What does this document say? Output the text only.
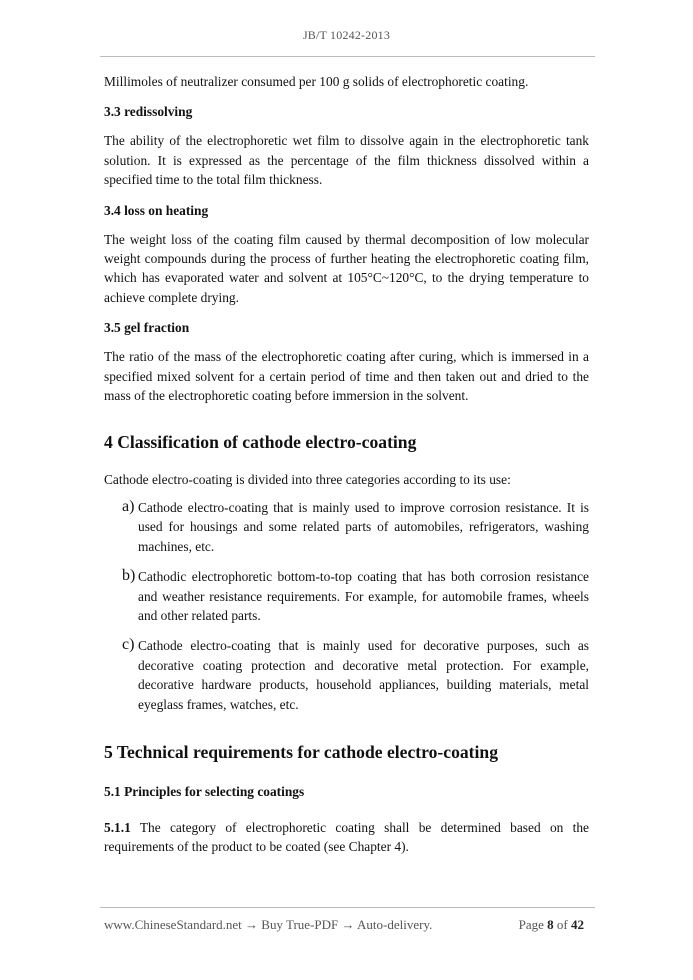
JB/T 10242-2013

Millimoles of neutralizer consumed per 100 g solids of electrophoretic coating.

3.3 redissolving

The ability of the electrophoretic wet film to dissolve again in the electrophoretic tank solution. It is expressed as the percentage of the film thickness dissolved within a specified time to the total film thickness.

3.4 loss on heating

The weight loss of the coating film caused by thermal decomposition of low molecular weight compounds during the process of further heating the electrophoretic coating film, which has evaporated water and solvent at 105°C~120°C, to the drying temperature to achieve complete drying.

3.5 gel fraction

The ratio of the mass of the electrophoretic coating after curing, which is immersed in a specified mixed solvent for a certain period of time and then taken out and dried to the mass of the electrophoretic coating before immersion in the solvent.

4 Classification of cathode electro-coating

Cathode electro-coating is divided into three categories according to its use:

a) Cathode electro-coating that is mainly used to improve corrosion resistance. It is used for housings and some related parts of automobiles, refrigerators, washing machines, etc.

b) Cathodic electrophoretic bottom-to-top coating that has both corrosion resistance and weather resistance requirements. For example, for automobile frames, wheels and other related parts.

c) Cathode electro-coating that is mainly used for decorative purposes, such as decorative coating protection and decorative metal protection. For example, decorative hardware products, household appliances, building materials, metal eyeglass frames, watches, etc.

5 Technical requirements for cathode electro-coating
5.1 Principles for selecting coatings

5.1.1 The category of electrophoretic coating shall be determined based on the requirements of the product to be coated (see Chapter 4).

www.ChineseStandard.net → Buy True-PDF → Auto-delivery.	Page 8 of 42
